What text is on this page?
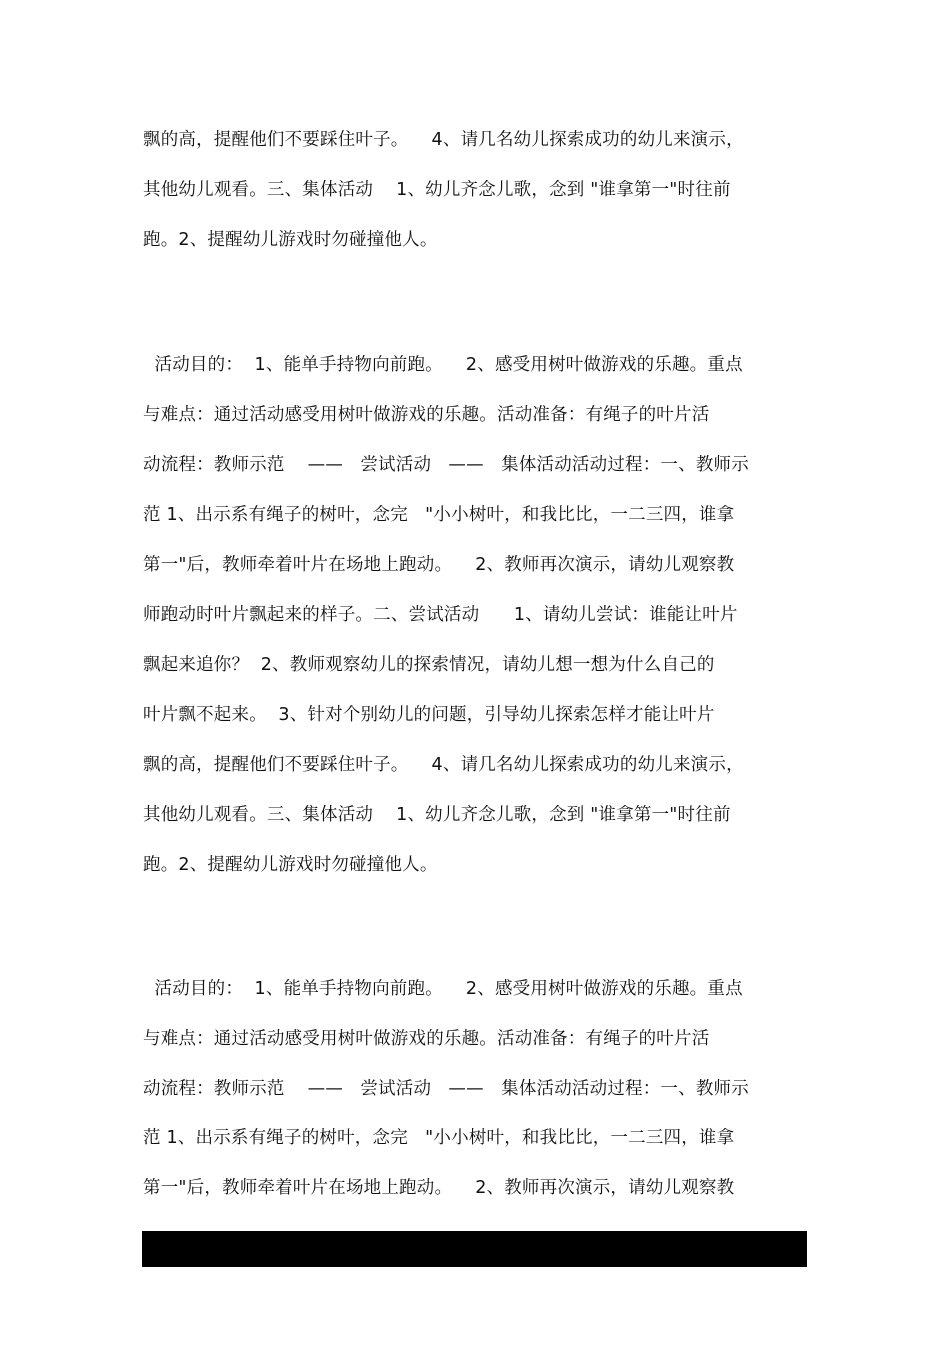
飘的高，提醒他们不要踩住叶子。    4、请几名幼儿探索成功的幼儿来演示，
其他幼儿观看。三、集体活动    1、幼儿齐念儿歌，念到 "谁拿第一"时往前
跑。2、提醒幼儿游戏时勿碰撞他人。
活动目的：  1、能单手持物向前跑。    2、感受用树叶做游戏的乐趣。重点
与难点：通过活动感受用树叶做游戏的乐趣。活动准备：有绳子的叶片活
动流程：教师示范    ——   尝试活动   ——   集体活动活动过程：一、教师示
范 1、出示系有绳子的树叶，念完   "小小树叶，和我比比，一二三四，谁拿
第一"后，教师牵着叶片在场地上跑动。    2、教师再次演示，请幼儿观察教
师跑动时叶片飘起来的样子。二、尝试活动      1、请幼儿尝试：谁能让叶片
飘起来追你？  2、教师观察幼儿的探索情况，请幼儿想一想为什么自己的
叶片飘不起来。  3、针对个别幼儿的问题，引导幼儿探索怎样才能让叶片
飘的高，提醒他们不要踩住叶子。    4、请几名幼儿探索成功的幼儿来演示，
其他幼儿观看。三、集体活动    1、幼儿齐念儿歌，念到 "谁拿第一"时往前
跑。2、提醒幼儿游戏时勿碰撞他人。
活动目的：  1、能单手持物向前跑。    2、感受用树叶做游戏的乐趣。重点
与难点：通过活动感受用树叶做游戏的乐趣。活动准备：有绳子的叶片活
动流程：教师示范    ——   尝试活动   ——   集体活动活动过程：一、教师示
范 1、出示系有绳子的树叶，念完   "小小树叶，和我比比，一二三四，谁拿
第一"后，教师牵着叶片在场地上跑动。    2、教师再次演示，请幼儿观察教
